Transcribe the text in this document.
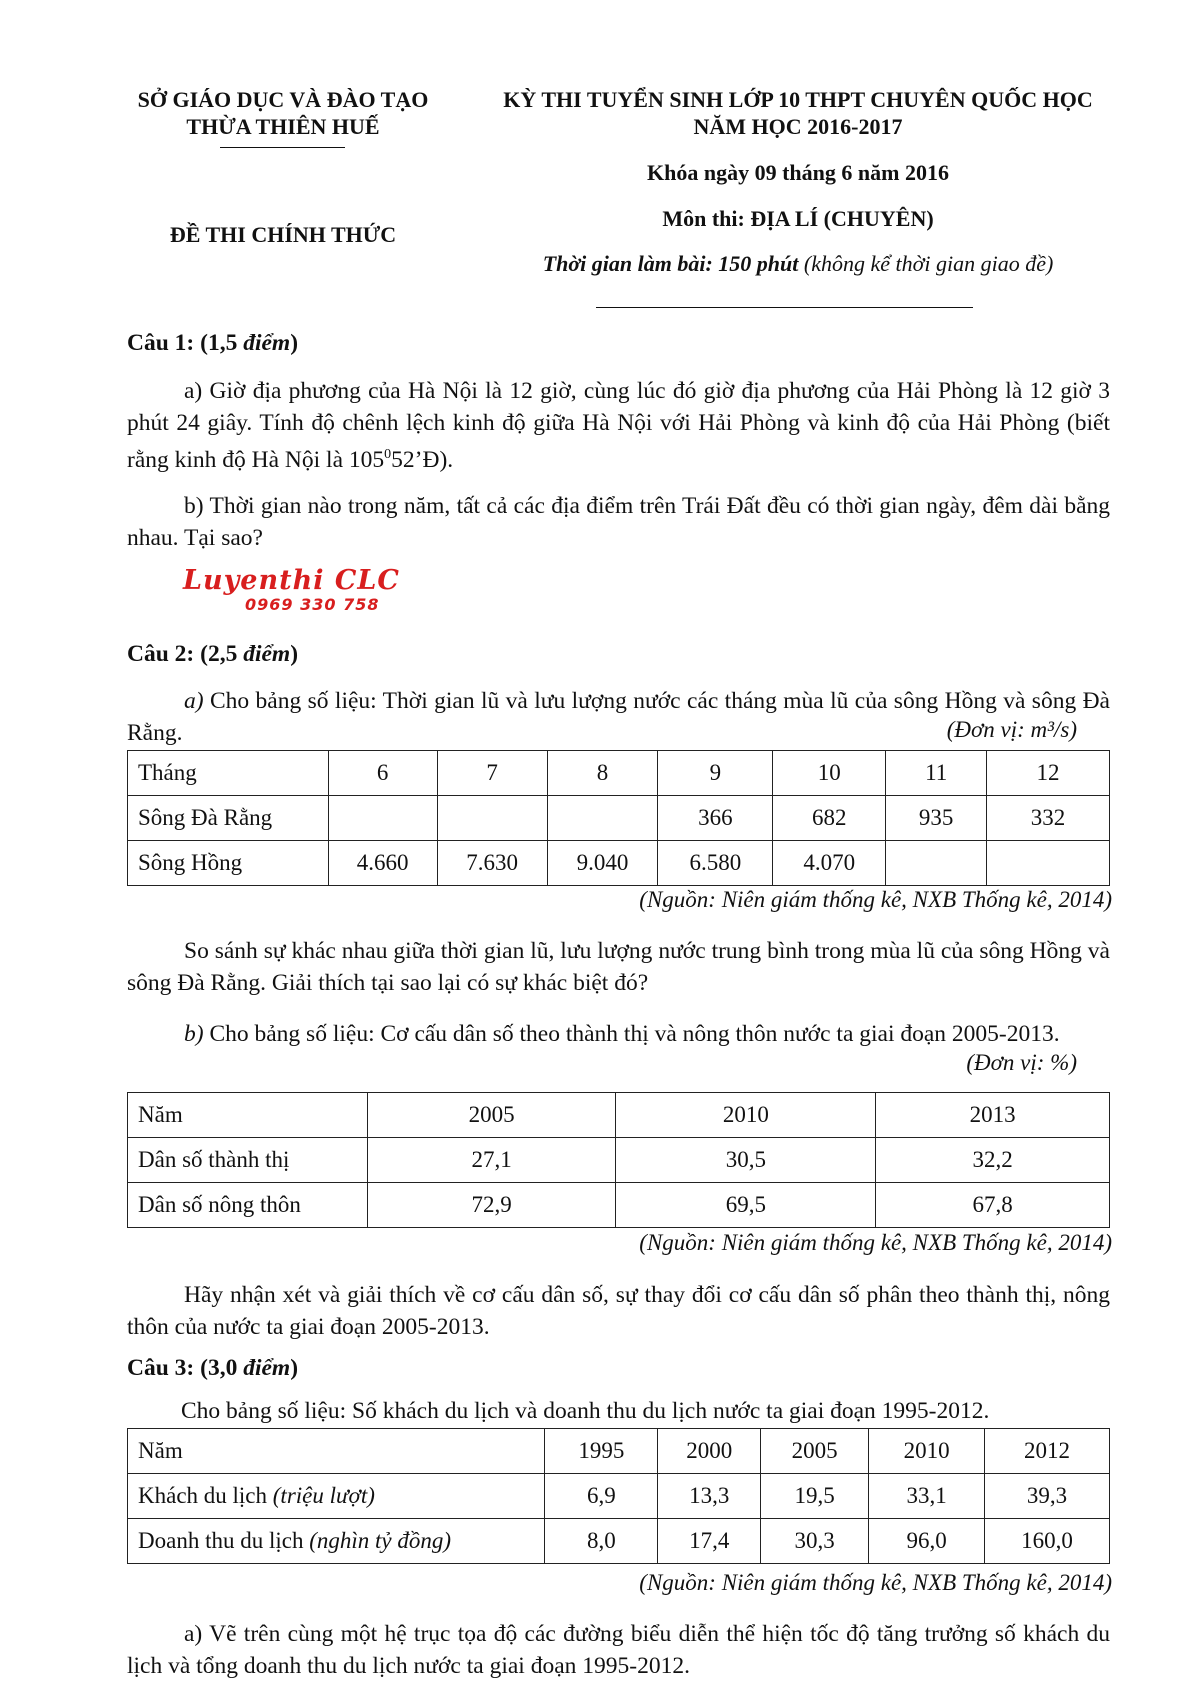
SỞ GIÁO DỤC VÀ ĐÀO TẠO
THỪA THIÊN HUẾ
KỲ THI TUYỂN SINH LỚP 10 THPT CHUYÊN QUỐC HỌC
NĂM HỌC 2016-2017
Khóa ngày 09 tháng 6 năm 2016
ĐỀ THI CHÍNH THỨC
Môn thi: ĐỊA LÍ (CHUYÊN)
Thời gian làm bài: 150 phút (không kể thời gian giao đề)
Câu 1: (1,5 điểm)
a) Giờ địa phương của Hà Nội là 12 giờ, cùng lúc đó giờ địa phương của Hải Phòng là 12 giờ 3 phút 24 giây. Tính độ chênh lệch kinh độ giữa Hà Nội với Hải Phòng và kinh độ của Hải Phòng (biết rằng kinh độ Hà Nội là $105^052’Đ$).
b) Thời gian nào trong năm, tất cả các địa điểm trên Trái Đất đều có thời gian ngày, đêm dài bằng nhau. Tại sao?
Luyenthi CLC
0969 330 758
Câu 2: (2,5 điểm)
a) Cho bảng số liệu: Thời gian lũ và lưu lượng nước các tháng mùa lũ của sông Hồng và sông Đà Rằng.	(Đơn vị: m³/s)
Tháng	6	7	8	9	10	11	12
Sông Đà Rằng				366	682	935	332
Sông Hồng	4.660	7.630	9.040	6.580	4.070		
(Nguồn: Niên giám thống kê, NXB Thống kê, 2014)
So sánh sự khác nhau giữa thời gian lũ, lưu lượng nước trung bình trong mùa lũ của sông Hồng và sông Đà Rằng. Giải thích tại sao lại có sự khác biệt đó?
b) Cho bảng số liệu: Cơ cấu dân số theo thành thị và nông thôn nước ta giai đoạn 2005-2013.
(Đơn vị: %)
Năm	2005	2010	2013
Dân số thành thị	27,1	30,5	32,2
Dân số nông thôn	72,9	69,5	67,8
(Nguồn: Niên giám thống kê, NXB Thống kê, 2014)
Hãy nhận xét và giải thích về cơ cấu dân số, sự thay đổi cơ cấu dân số phân theo thành thị, nông thôn của nước ta giai đoạn 2005-2013.
Câu 3: (3,0 điểm)
Cho bảng số liệu: Số khách du lịch và doanh thu du lịch nước ta giai đoạn 1995-2012.
Năm	1995	2000	2005	2010	2012
Khách du lịch (triệu lượt)	6,9	13,3	19,5	33,1	39,3
Doanh thu du lịch (nghìn tỷ đồng)	8,0	17,4	30,3	96,0	160,0
(Nguồn: Niên giám thống kê, NXB Thống kê, 2014)
a) Vẽ trên cùng một hệ trục tọa độ các đường biểu diễn thể hiện tốc độ tăng trưởng số khách du lịch và tổng doanh thu du lịch nước ta giai đoạn 1995-2012.
